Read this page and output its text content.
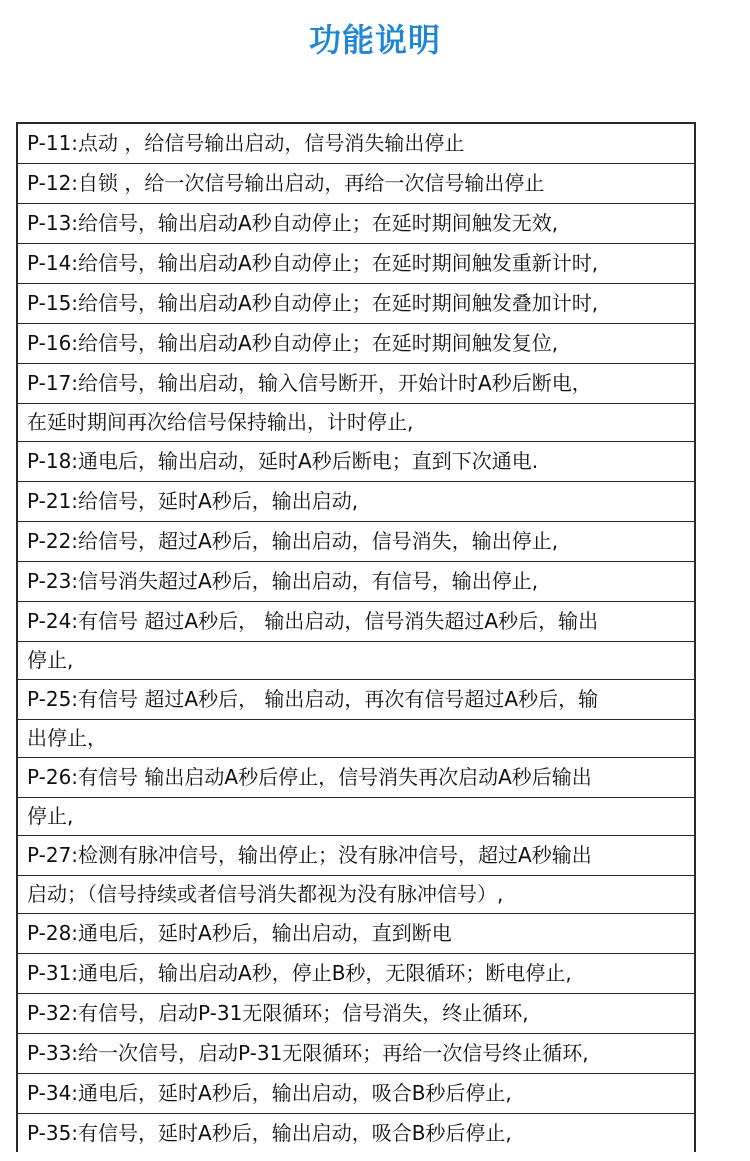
功能说明
P-11:点动 ，给信号输出启动，信号消失输出停止
P-12:自锁 ，给一次信号输出启动，再给一次信号输出停止
P-13:给信号，输出启动A秒自动停止；在延时期间触发无效,
P-14:给信号，输出启动A秒自动停止；在延时期间触发重新计时,
P-15:给信号，输出启动A秒自动停止；在延时期间触发叠加计时,
P-16:给信号，输出启动A秒自动停止；在延时期间触发复位,
P-17:给信号，输出启动，输入信号断开，开始计时A秒后断电，
在延时期间再次给信号保持输出，计时停止,
P-18:通电后，输出启动，延时A秒后断电；直到下次通电.
P-21:给信号，延时A秒后，输出启动,
P-22:给信号，超过A秒后，输出启动，信号消失，输出停止,
P-23:信号消失超过A秒后，输出启动，有信号，输出停止,
P-24:有信号 超过A秒后， 输出启动，信号消失超过A秒后，输出
停止,
P-25:有信号 超过A秒后， 输出启动，再次有信号超过A秒后，输
出停止，
P-26:有信号 输出启动A秒后停止，信号消失再次启动A秒后输出
停止,
P-27:检测有脉冲信号，输出停止；没有脉冲信号，超过A秒输出
启动；（信号持续或者信号消失都视为没有脉冲信号）,
P-28:通电后，延时A秒后，输出启动，直到断电
P-31:通电后，输出启动A秒，停止B秒，无限循环；断电停止,
P-32:有信号，启动P-31无限循环；信号消失，终止循环,
P-33:给一次信号，启动P-31无限循环；再给一次信号终止循环,
P-34:通电后，延时A秒后，输出启动，吸合B秒后停止,
P-35:有信号，延时A秒后，输出启动，吸合B秒后停止,
